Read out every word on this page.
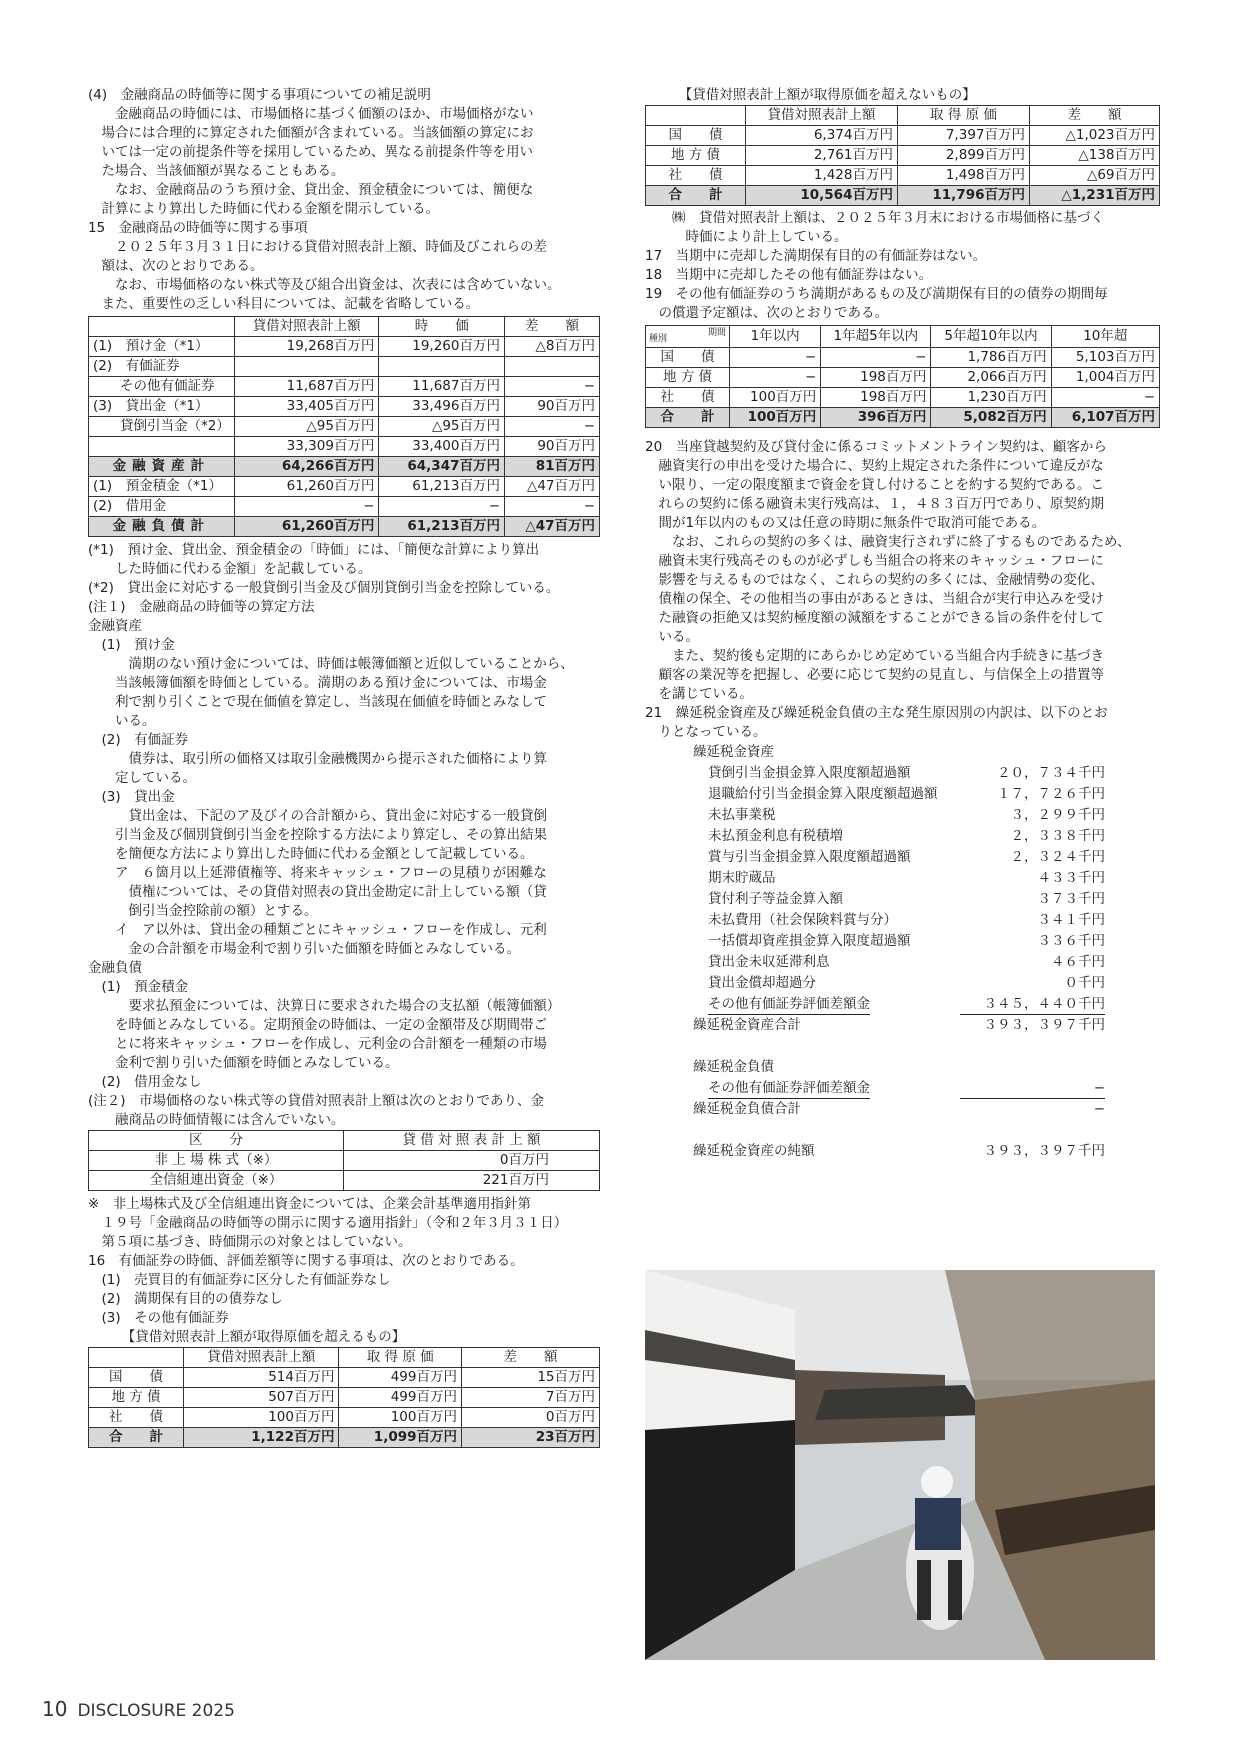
(4)　金融商品の時価等に関する事項についての補足説明
　　金融商品の時価には、市場価格に基づく価額のほか、市場価格がない
　場合には合理的に算定された価額が含まれている。当該価額の算定にお
　いては一定の前提条件等を採用しているため、異なる前提条件等を用い
　た場合、当該価額が異なることもある。
　　なお、金融商品のうち預け金、貸出金、預金積金については、簡便な
　計算により算出した時価に代わる金額を開示している。
15　金融商品の時価等に関する事項
　　２０２５年３月３１日における貸借対照表計上額、時価及びこれらの差
　額は、次のとおりである。
　　なお、市場価格のない株式等及び組合出資金は、次表には含めていない。
　また、重要性の乏しい科目については、記載を省略している。
	貸借対照表計上額	時　　価	差　　額
(1)　預け金（*1）	19,268百万円	19,260百万円	△8百万円
(2)　有価証券			
　　その他有価証券	11,687百万円	11,687百万円	−
(3)　貸出金（*1）	33,405百万円	33,496百万円	90百万円
　　貸倒引当金（*2）	△95百万円	△95百万円	−
	33,309百万円	33,400百万円	90百万円
金融資産計	64,266百万円	64,347百万円	81百万円
(1)　預金積金（*1）	61,260百万円	61,213百万円	△47百万円
(2)　借用金	−	−	−
金融負債計	61,260百万円	61,213百万円	△47百万円
(*1)　預け金、貸出金、預金積金の「時価」には、「簡便な計算により算出
　　した時価に代わる金額」を記載している。
(*2)　貸出金に対応する一般貸倒引当金及び個別貸倒引当金を控除している。
(注１)　金融商品の時価等の算定方法
金融資産
　(1)　預け金
　　　満期のない預け金については、時価は帳簿価額と近似していることから、
　　当該帳簿価額を時価としている。満期のある預け金については、市場金
　　利で割り引くことで現在価値を算定し、当該現在価値を時価とみなして
　　いる。
　(2)　有価証券
　　　債券は、取引所の価格又は取引金融機関から提示された価格により算
　　定している。
　(3)　貸出金
　　　貸出金は、下記のア及びイの合計額から、貸出金に対応する一般貸倒
　　引当金及び個別貸倒引当金を控除する方法により算定し、その算出結果
　　を簡便な方法により算出した時価に代わる金額として記載している。
　　ア　６箇月以上延滞債権等、将来キャッシュ・フローの見積りが困難な
　　　債権については、その貸借対照表の貸出金勘定に計上している額（貸
　　　倒引当金控除前の額）とする。
　　イ　ア以外は、貸出金の種類ごとにキャッシュ・フローを作成し、元利
　　　金の合計額を市場金利で割り引いた価額を時価とみなしている。
金融負債
　(1)　預金積金
　　　要求払預金については、決算日に要求された場合の支払額（帳簿価額）
　　を時価とみなしている。定期預金の時価は、一定の金額帯及び期間帯ご
　　とに将来キャッシュ・フローを作成し、元利金の合計額を一種類の市場
　　金利で割り引いた価額を時価とみなしている。
　(2)　借用金なし
(注２)　市場価格のない株式等の貸借対照表計上額は次のとおりであり、金
　　融商品の時価情報には含んでいない。
区　　分	貸 借 対 照 表 計 上 額
非 上 場 株 式（※）	0百万円
全信組連出資金（※）	221百万円
※　非上場株式及び全信組連出資金については、企業会計基準適用指針第
　１９号「金融商品の時価等の開示に関する適用指針」（令和２年３月３１日）
　第５項に基づき、時価開示の対象とはしていない。
16　有価証券の時価、評価差額等に関する事項は、次のとおりである。
　(1)　売買目的有価証券に区分した有価証券なし
　(2)　満期保有目的の債券なし
　(3)　その他有価証券
　　　【貸借対照表計上額が取得原価を超えるもの】
	貸借対照表計上額	取 得 原 価	差　　額
国　　債	514百万円	499百万円	15百万円
地 方 債	507百万円	499百万円	7百万円
社　　債	100百万円	100百万円	0百万円
合　　計	1,122百万円	1,099百万円	23百万円
　　　【貸借対照表計上額が取得原価を超えないもの】
	貸借対照表計上額	取 得 原 価	差　　額
国　　債	6,374百万円	7,397百万円	△1,023百万円
地 方 債	2,761百万円	2,899百万円	△138百万円
社　　債	1,428百万円	1,498百万円	△69百万円
合　　計	10,564百万円	11,796百万円	△1,231百万円
　　㈱　貸借対照表計上額は、２０２５年３月末における市場価格に基づく
　　　時価により計上している。
17　当期中に売却した満期保有目的の有価証券はない。
18　当期中に売却したその他有価証券はない。
19　その他有価証券のうち満期があるもの及び満期保有目的の債券の期間毎
　の償還予定額は、次のとおりである。
期間
種別	1年以内	1年超5年以内	5年超10年以内	10年超
国　　債	−	−	1,786百万円	5,103百万円
地 方 債	−	198百万円	2,066百万円	1,004百万円
社　　債	100百万円	198百万円	1,230百万円	−
合　　計	100百万円	396百万円	5,082百万円	6,107百万円
20　当座貸越契約及び貸付金に係るコミットメントライン契約は、顧客から
　融資実行の申出を受けた場合に、契約上規定された条件について違反がな
　い限り、一定の限度額まで資金を貸し付けることを約する契約である。こ
　れらの契約に係る融資未実行残高は、１，４８３百万円であり、原契約期
　間が1年以内のもの又は任意の時期に無条件で取消可能である。
　　なお、これらの契約の多くは、融資実行されずに終了するものであるため、
　融資未実行残高そのものが必ずしも当組合の将来のキャッシュ・フローに
　影響を与えるものではなく、これらの契約の多くには、金融情勢の変化、
　債権の保全、その他相当の事由があるときは、当組合が実行申込みを受け
　た融資の拒絶又は契約極度額の減額をすることができる旨の条件を付して
　いる。
　　また、契約後も定期的にあらかじめ定めている当組合内手続きに基づき
　顧客の業況等を把握し、必要に応じて契約の見直し、与信保全上の措置等
　を講じている。
21　繰延税金資産及び繰延税金負債の主な発生原因別の内訳は、以下のとお
　りとなっている。
繰延税金資産
貸倒引当金損金算入限度額超過額	２０，７３４千円
退職給付引当金損金算入限度額超過額	１７，７２６千円
未払事業税	３，２９９千円
未払預金利息有税積増	２，３３８千円
賞与引当金損金算入限度額超過額	２，３２４千円
期末貯蔵品	４３３千円
貸付利子等益金算入額	３７３千円
未払費用（社会保険料賞与分）	３４１千円
一括償却資産損金算入限度超過額	３３６千円
貸出金未収延滞利息	４６千円
貸出金償却超過分	０千円
その他有価証券評価差額金	３４５，４４０千円
繰延税金資産合計	３９３，３９７千円
繰延税金負債
その他有価証券評価差額金	−
繰延税金負債合計	−
繰延税金資産の純額	３９３，３９７千円
10 DISCLOSURE 2025
